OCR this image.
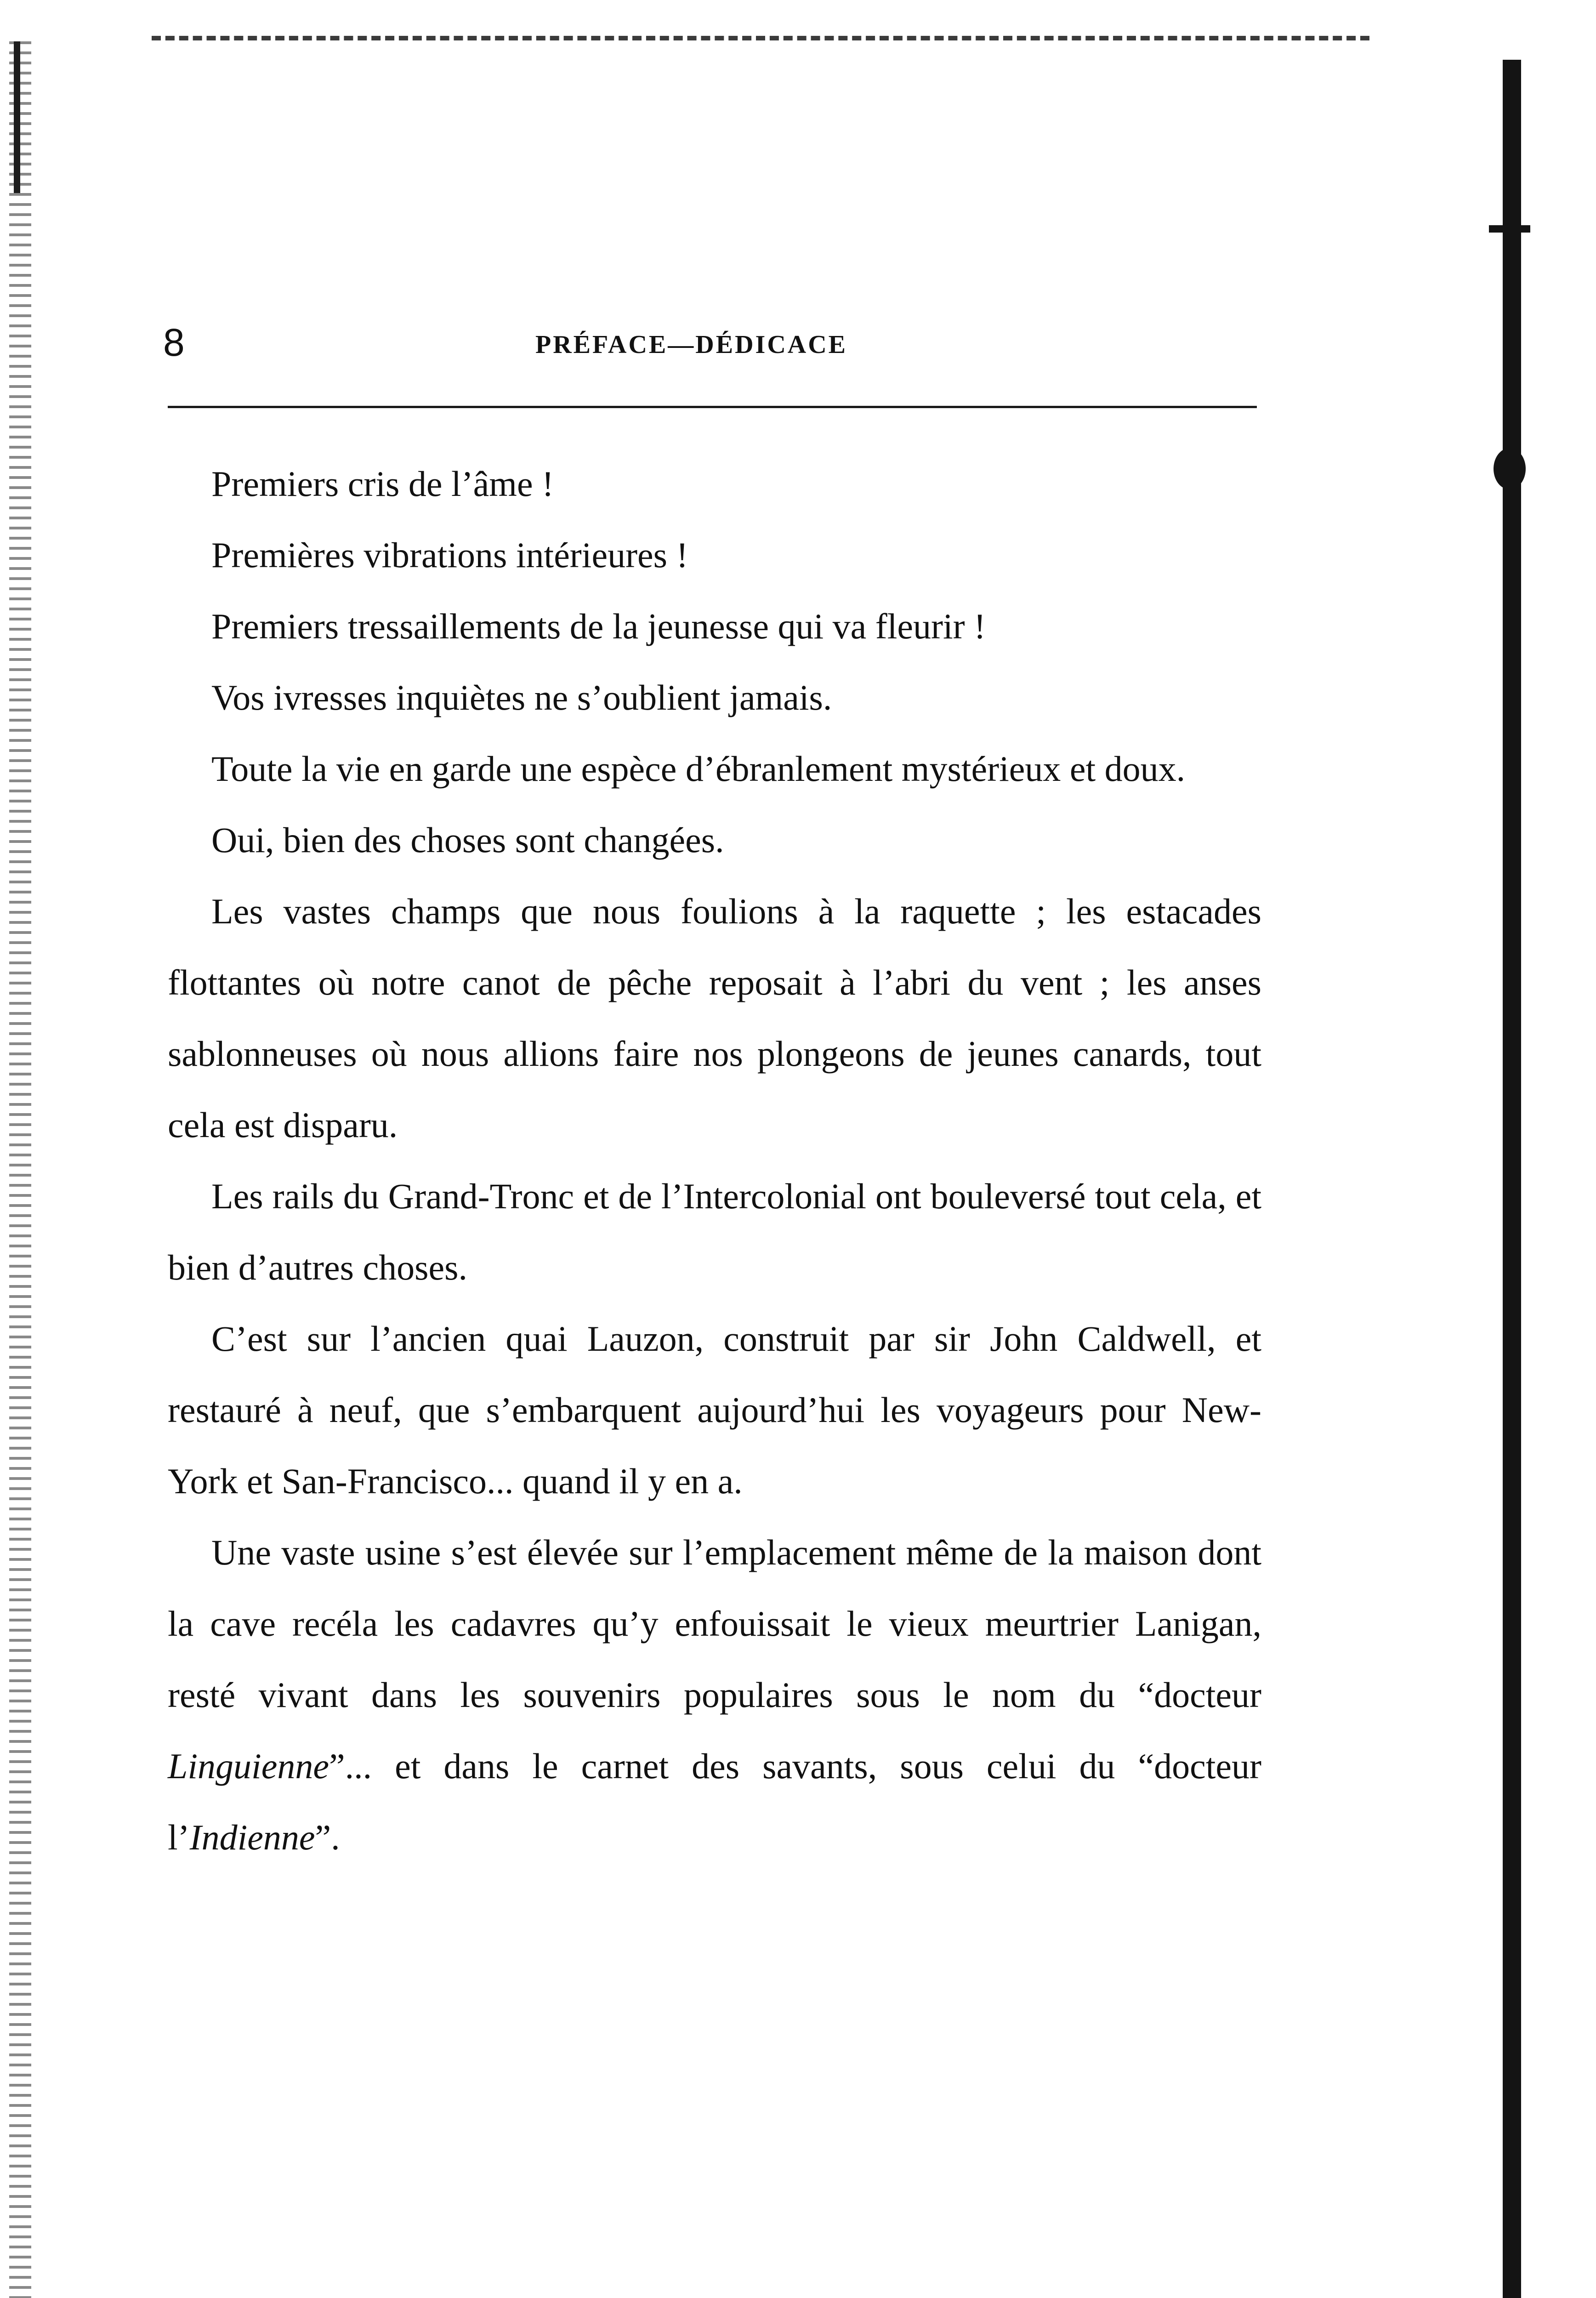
8	PRÉFACE—DÉDICACE

Premiers cris de l’âme !

Premières vibrations intérieures !

Premiers tressaillements de la jeunesse qui va fleurir !

Vos ivresses inquiètes ne s’oublient jamais.

Toute la vie en garde une espèce d’ébranlement mystérieux et doux.

Oui, bien des choses sont changées.

Les vastes champs que nous foulions à la raquette ; les estacades flottantes où notre canot de pêche reposait à l’abri du vent ; les anses sablonneuses où nous allions faire nos plongeons de jeunes canards, tout cela est disparu.

Les rails du Grand-Tronc et de l’Intercolonial ont bouleversé tout cela, et bien d’autres choses.

C’est sur l’ancien quai Lauzon, construit par sir John Caldwell, et restauré à neuf, que s’embarquent aujourd’hui les voyageurs pour New-York et San-Francisco... quand il y en a.

Une vaste usine s’est élevée sur l’emplacement même de la maison dont la cave recéla les cadavres qu’y enfouissait le vieux meurtrier Lanigan, resté vivant dans les souvenirs populaires sous le nom du “docteur Linguienne”... et dans le carnet des savants, sous celui du “docteur l’Indienne”.
